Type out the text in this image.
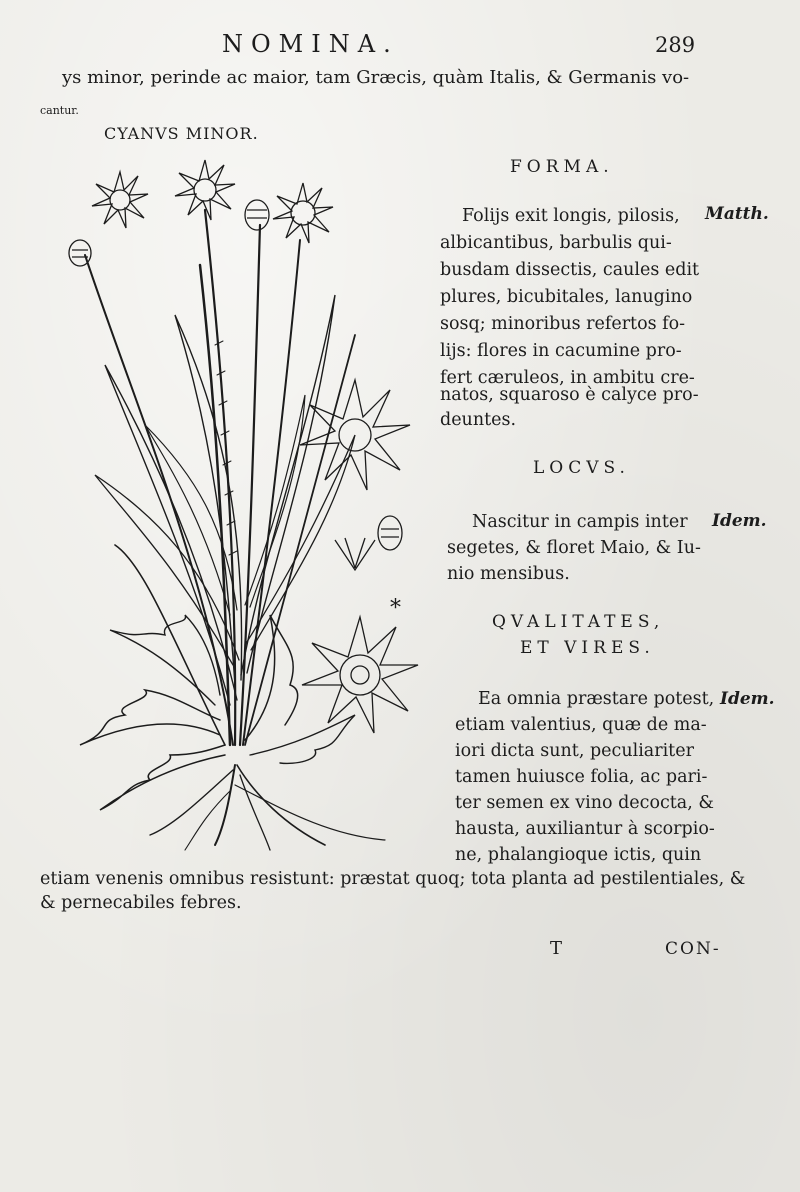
NOMINA.	289
ys minor, perinde ac maior, tam Græcis, quàm Italis, & Germanis vo-
cantur.
CYANVS MINOR.
*
FORMA.
Matth.
Folijs exit longis, pilosis,
albicantibus, barbulis qui-
busdam dissectis, caules edit
plures, bicubitales, lanugino
sosq; minoribus refertos fo-
lijs: flores in cacumine pro-
fert cæruleos, in ambitu cre-
natos, squaroso è calyce pro-
deuntes.
LOCVS.
Idem.
Nascitur in campis inter
segetes, & floret Maio, & Iu-
nio mensibus.
QVALITATES,
ET VIRES.
Idem.
Ea omnia præstare potest,
etiam valentius, quæ de ma-
iori dicta sunt, peculiariter
tamen huiusce folia, ac pari-
ter semen ex vino decocta, &
hausta, auxiliantur à scorpio-
ne, phalangioque ictis, quin
etiam venenis omnibus resistunt: præstat quoq; tota planta ad pestilentiales, &
& pernecabiles febres.
T	CON-
